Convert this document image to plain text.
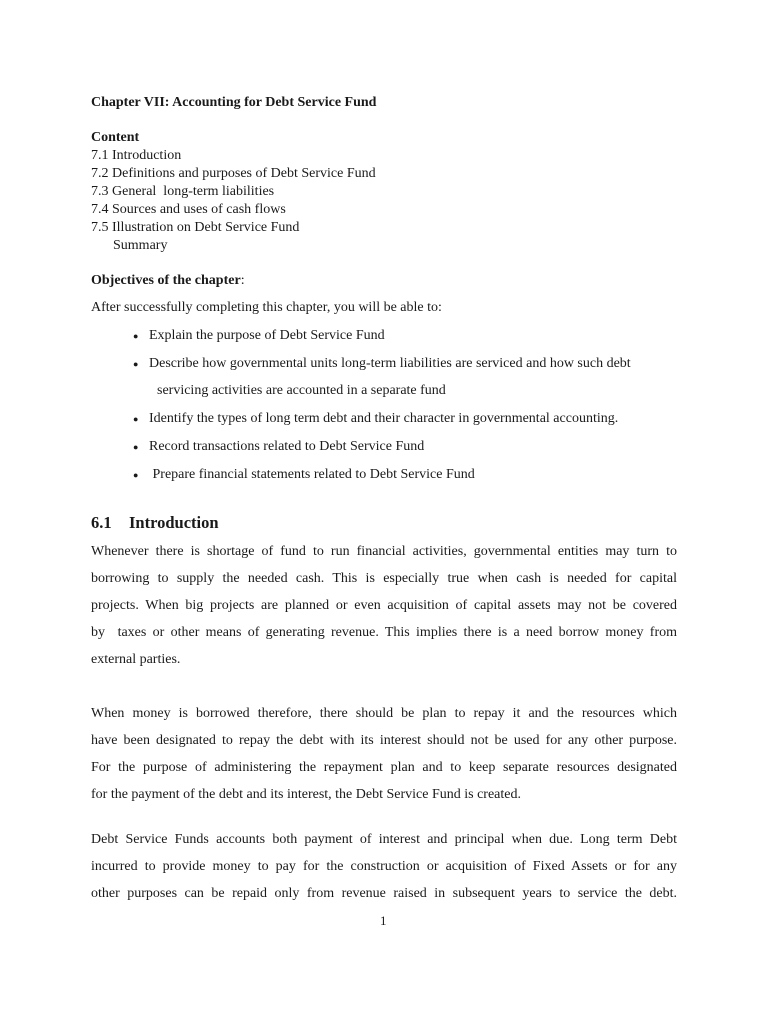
Chapter VII: Accounting for Debt Service Fund
Content
7.1 Introduction
7.2 Definitions and purposes of Debt Service Fund
7.3 General  long-term liabilities
7.4 Sources and uses of cash flows
7.5 Illustration on Debt Service Fund
Summary
Objectives of the chapter:
After successfully completing this chapter, you will be able to:
● Explain the purpose of Debt Service Fund
● Describe how governmental units long-term liabilities are serviced and how such debt
servicing activities are accounted in a separate fund
● Identify the types of long term debt and their character in governmental accounting.
● Record transactions related to Debt Service Fund
● Prepare financial statements related to Debt Service Fund
6.1 Introduction
Whenever there is shortage of fund to run financial activities, governmental entities may turn to
borrowing to supply the needed cash. This is especially true when cash is needed for capital
projects. When big projects are planned or even acquisition of capital assets may not be covered
by  taxes or other means of generating revenue. This implies there is a need borrow money from
external parties.
When money is borrowed therefore, there should be plan to repay it and the resources which
have been designated to repay the debt with its interest should not be used for any other purpose.
For the purpose of administering the repayment plan and to keep separate resources designated
for the payment of the debt and its interest, the Debt Service Fund is created.
Debt Service Funds accounts both payment of interest and principal when due. Long term Debt
incurred to provide money to pay for the construction or acquisition of Fixed Assets or for any
other purposes can be repaid only from revenue raised in subsequent years to service the debt.
1
